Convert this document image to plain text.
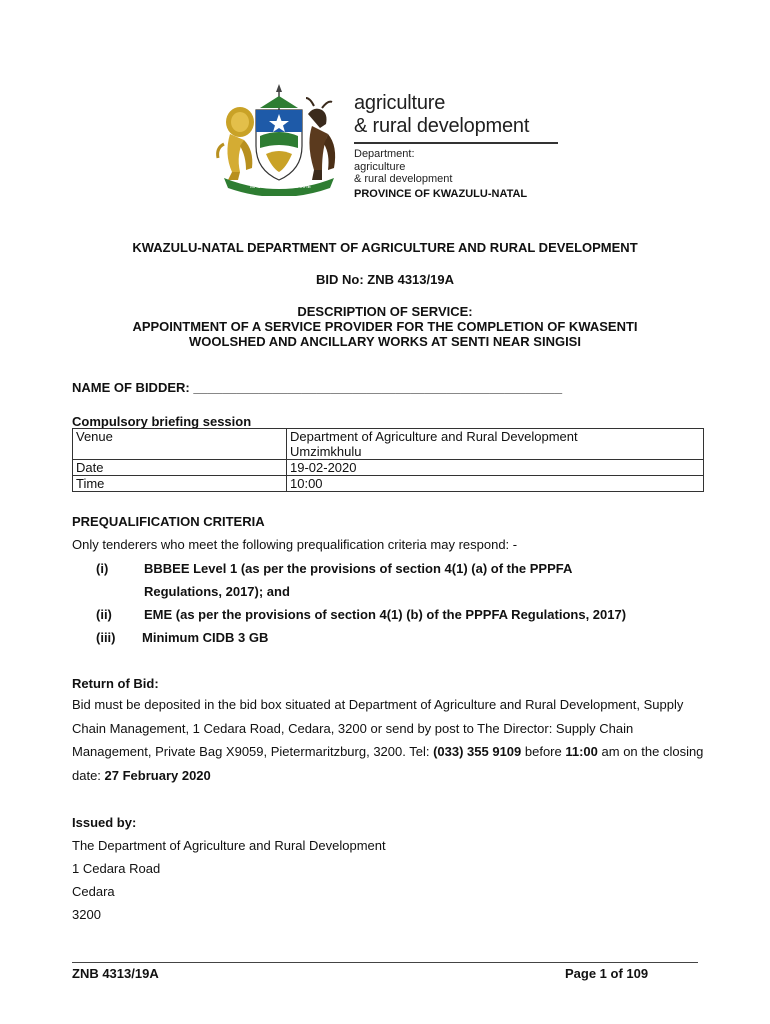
MASISUKUME SAKHE
agriculture
& rural development
Department:
agriculture
& rural development
PROVINCE OF KWAZULU-NATAL
KWAZULU-NATAL DEPARTMENT OF AGRICULTURE AND RURAL DEVELOPMENT
BID No: ZNB 4313/19A
DESCRIPTION OF SERVICE:
APPOINTMENT OF A SERVICE PROVIDER FOR THE COMPLETION OF KWASENTI
WOOLSHED AND ANCILLARY WORKS AT SENTI NEAR SINGISI
NAME OF BIDDER: ___________________________________________________
Compulsory briefing session
Venue	Department of Agriculture and Rural Development
Umzimkhulu

Date	19-02-2020
Time	10:00
PREQUALIFICATION CRITERIA
Only tenderers who meet the following prequalification criteria may respond: -
(i)	BBBEE Level 1 (as per the provisions of section 4(1) (a) of the PPPFA
Regulations, 2017); and
(ii) EME (as per the provisions of section 4(1) (b) of the PPPFA Regulations, 2017)
(iii) Minimum CIDB 3 GB
Return of Bid:
Bid must be deposited in the bid box situated at Department of Agriculture and Rural Development, Supply Chain Management, 1 Cedara Road, Cedara, 3200 or send by post to The Director: Supply Chain Management, Private Bag X9059, Pietermaritzburg, 3200. Tel: (033) 355 9109 before 11:00 am on the closing date: 27 February 2020
Issued by:
The Department of Agriculture and Rural Development
1 Cedara Road
Cedara
3200
ZNB 4313/19A	Page 1 of 109
